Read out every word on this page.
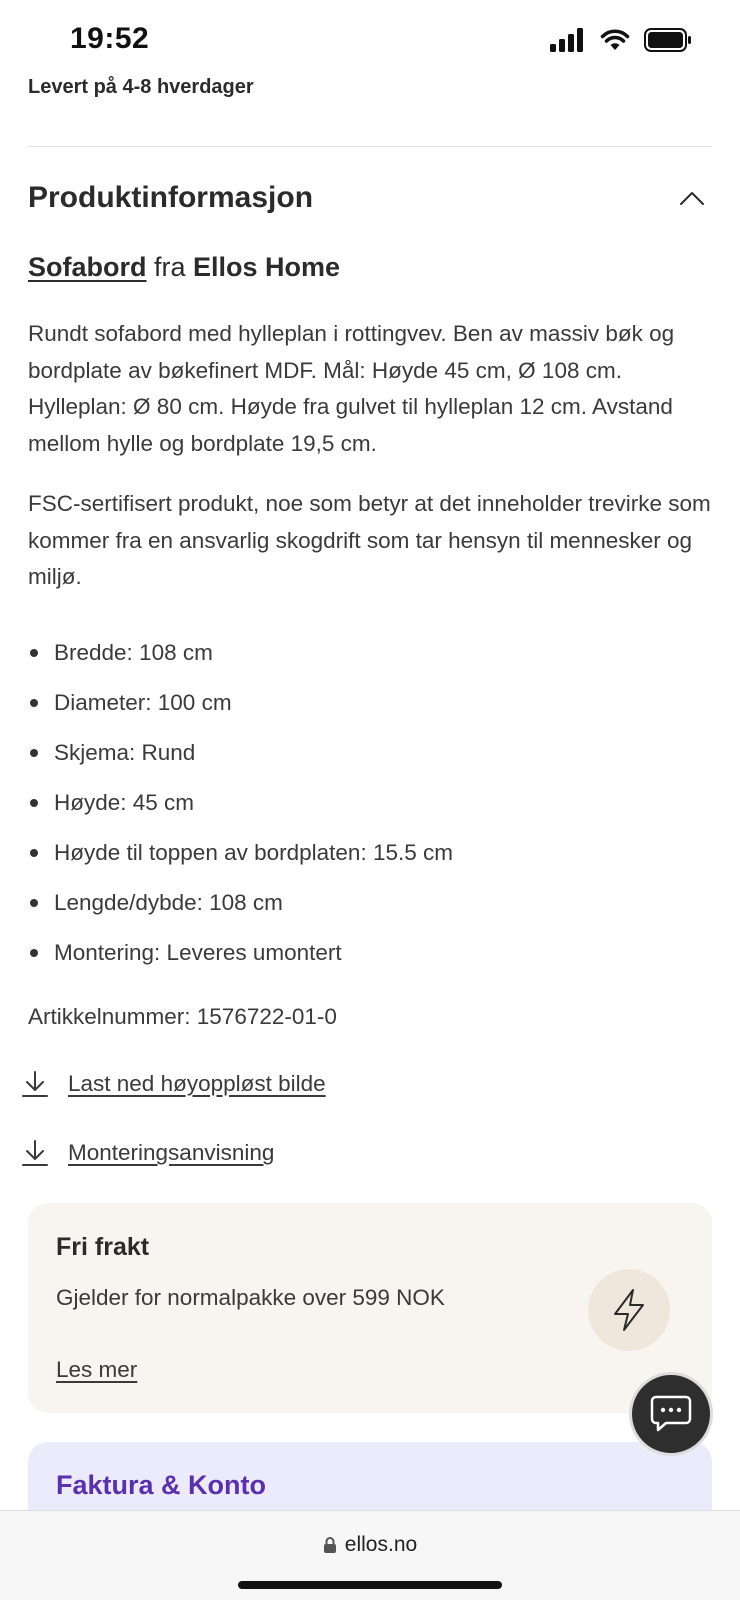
19:52
Levert på 4-8 hverdager
Produktinformasjon
Sofabord fra Ellos Home

Rundt sofabord med hylleplan i rottingvev. Ben av massiv bøk og bordplate av bøkefinert MDF. Mål: Høyde 45 cm, Ø 108 cm. Hylleplan: Ø 80 cm. Høyde fra gulvet til hylleplan 12 cm. Avstand mellom hylle og bordplate 19,5 cm.

FSC-sertifisert produkt, noe som betyr at det inneholder trevirke som kommer fra en ansvarlig skogdrift som tar hensyn til mennesker og miljø.

Bredde: 108 cm
Diameter: 100 cm
Skjema: Rund
Høyde: 45 cm
Høyde til toppen av bordplaten: 15.5 cm
Lengde/dybde: 108 cm
Montering: Leveres umontert
Artikkelnummer: 1576722-01-0
Last ned høyoppløst bilde
Monteringsanvisning
Fri frakt
Gjelder for normalpakke over 599 NOK
Les mer
Faktura & Konto
ellos.no
